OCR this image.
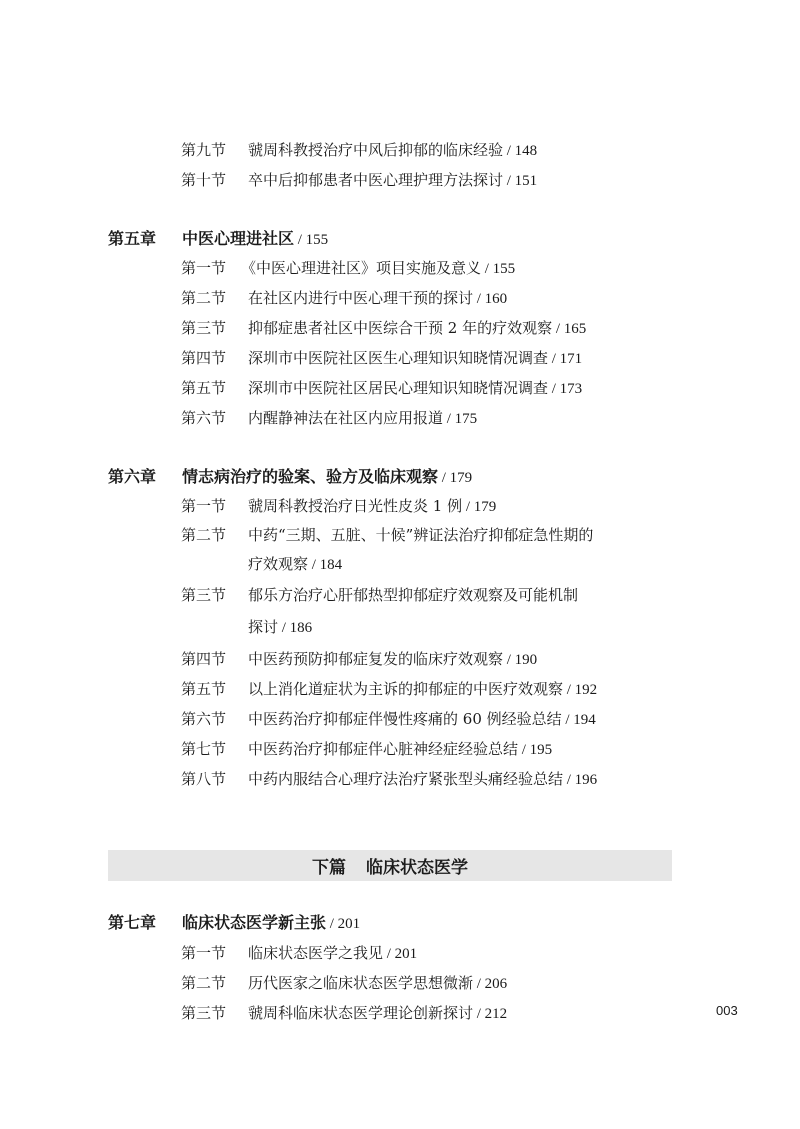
第九节 虢周科教授治疗中风后抑郁的临床经验 / 148
第十节 卒中后抑郁患者中医心理护理方法探讨 / 151
第五章 中医心理进社区 / 155
第一节 《中医心理进社区》项目实施及意义 / 155
第二节 在社区内进行中医心理干预的探讨 / 160
第三节 抑郁症患者社区中医综合干预 2 年的疗效观察 / 165
第四节 深圳市中医院社区医生心理知识知晓情况调查 / 171
第五节 深圳市中医院社区居民心理知识知晓情况调查 / 173
第六节 内醒静神法在社区内应用报道 / 175
第六章 情志病治疗的验案、验方及临床观察 / 179
第一节 虢周科教授治疗日光性皮炎 1 例 / 179
第二节 中药“三期、五脏、十候”辨证法治疗抑郁症急性期的
疗效观察 / 184
第三节 郁乐方治疗心肝郁热型抑郁症疗效观察及可能机制
探讨 / 186
第四节 中医药预防抑郁症复发的临床疗效观察 / 190
第五节 以上消化道症状为主诉的抑郁症的中医疗效观察 / 192
第六节 中医药治疗抑郁症伴慢性疼痛的 60 例经验总结 / 194
第七节 中医药治疗抑郁症伴心脏神经症经验总结 / 195
第八节 中药内服结合心理疗法治疗紧张型头痛经验总结 / 196
下篇 临床状态医学
第七章 临床状态医学新主张 / 201
第一节 临床状态医学之我见 / 201
第二节 历代医家之临床状态医学思想微渐 / 206
第三节 虢周科临床状态医学理论创新探讨 / 212	003
